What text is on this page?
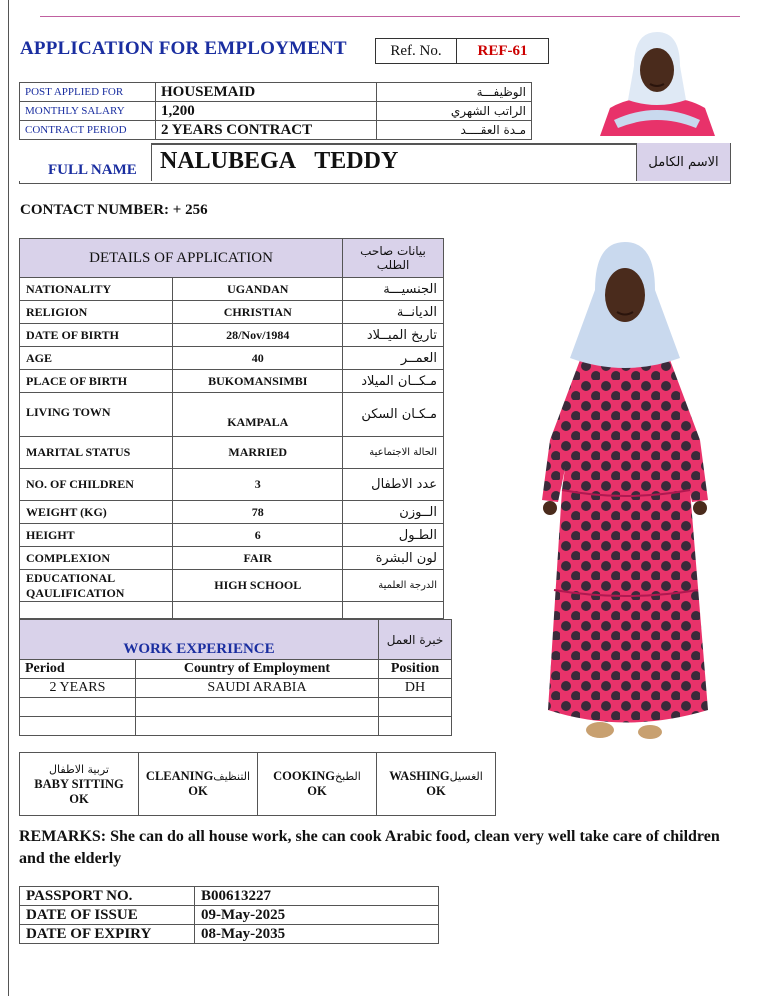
APPLICATION FOR EMPLOYMENT	Ref. No.	REF-61
POST APPLIED FOR	HOUSEMAID	الوظيفـــة
MONTHLY SALARY	1,200	الراتب الشهري
CONTRACT PERIOD	2 YEARS CONTRACT	مـدة العقــــد
FULL NAME NALUBEGA TEDDY	الاسم الكامل
CONTACT NUMBER: + 256
DETAILS OF APPLICATION		بيانات صاحب الطلب
NATIONALITY	UGANDAN	الجنسيـــة
RELIGION	CHRISTIAN	الديانــة
DATE OF BIRTH	28/Nov/1984	تاريخ الميــلاد
AGE	40	العمــر
PLACE OF BIRTH	BUKOMANSIMBI	مـكــان الميلاد
LIVING TOWN	KAMPALA	مـكـان السكن
MARITAL STATUS	MARRIED	الحالة الاجتماعية
NO. OF CHILDREN	3	عدد الاطفال
WEIGHT (KG)	78	الــوزن
HEIGHT	6	الطـول
COMPLEXION	FAIR	لون البشرة
EDUCATIONAL QAULIFICATION	HIGH SCHOOL	الدرجة العلمية

WORK EXPERIENCE		خبرة العمل
Period	Country of Employment	Position
2 YEARS	SAUDI ARABIA	DH

تربية الاطفال
BABY SITTING
OK
CLEANINGالتنظيف
OK
COOKINGالطبخ
OK
WASHINGالغسيل
OK
REMARKS: She can do all house work, she can cook Arabic food, clean very well take care of children and the elderly
PASSPORT NO.	B00613227
DATE OF ISSUE	09-May-2025
DATE OF EXPIRY	08-May-2035
